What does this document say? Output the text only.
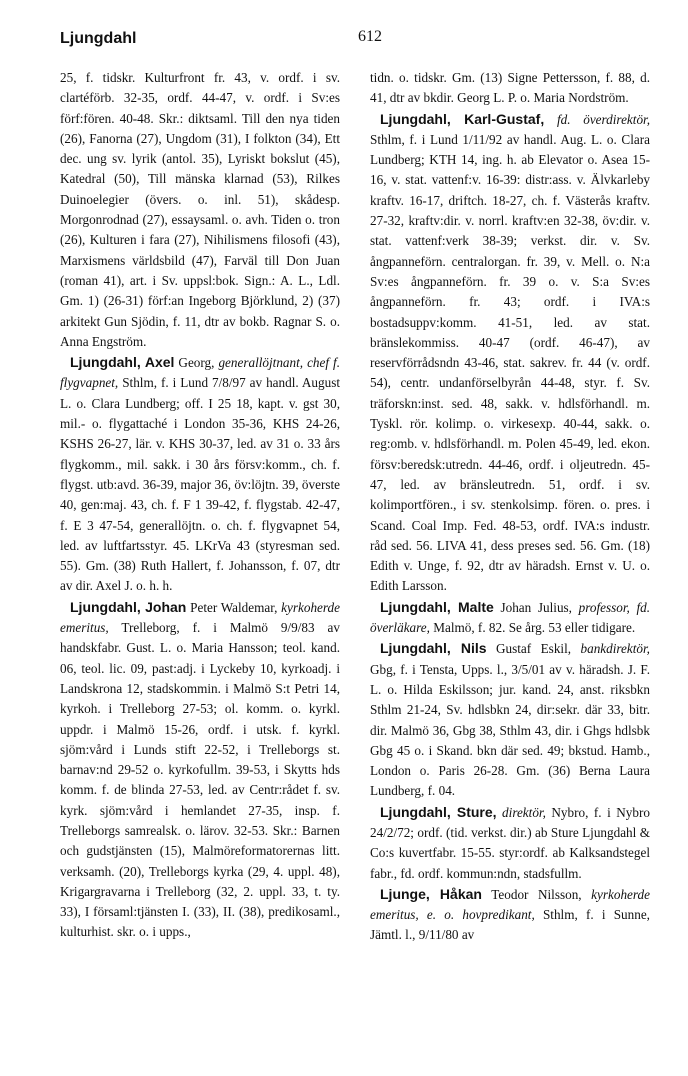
Ljungdahl	612

25, f. tidskr. Kulturfront fr. 43, v. ordf. i sv. clartéförb. 32-35, ordf. 44-47, v. ordf. i Sv:es förf:fören. 40-48. Skr.: diktsaml. Till den nya tiden (26), Fanorna (27), Ungdom (31), I folkton (34), Ett dec. ung sv. lyrik (antol. 35), Lyriskt bokslut (45), Katedral (50), Till mänska klarnad (53), Rilkes Duinoelegier (övers. o. inl. 51), skådesp. Morgonrodnad (27), essaysaml. o. avh. Tiden o. tron (26), Kulturen i fara (27), Nihilismens filosofi (43), Marxismens världsbild (47), Farväl till Don Juan (roman 41), art. i Sv. uppsl:bok. Sign.: A. L., Ldl. Gm. 1) (26-31) förf:an Ingeborg Björklund, 2) (37) arkitekt Gun Sjödin, f. 11, dtr av bokb. Ragnar S. o. Anna Engström.

Ljungdahl, Axel Georg, generallöjtnant, chef f. flygvapnet, Sthlm, f. i Lund 7/8/97 av handl. August L. o. Clara Lundberg; off. I 25 18, kapt. v. gst 30, mil.- o. flygattaché i London 35-36, KHS 24-26, KSHS 26-27, lär. v. KHS 30-37, led. av 31 o. 33 års flygkomm., mil. sakk. i 30 års försv:komm., ch. f. flygst. utb:avd. 36-39, major 36, öv:löjtn. 39, överste 40, gen:maj. 43, ch. f. F 1 39-42, f. flygstab. 42-47, f. E 3 47-54, generallöjtn. o. ch. f. flygvapnet 54, led. av luftfartsstyr. 45. LKrVa 43 (styresman sed. 55). Gm. (38) Ruth Hallert, f. Johansson, f. 07, dtr av dir. Axel J. o. h. h.

Ljungdahl, Johan Peter Waldemar, kyrkoherde emeritus, Trelleborg, f. i Malmö 9/9/83 av handskfabr. Gust. L. o. Maria Hansson; teol. kand. 06, teol. lic. 09, past:adj. i Lyckeby 10, kyrkoadj. i Landskrona 12, stadskommin. i Malmö S:t Petri 14, kyrkoh. i Trelleborg 27-53; ol. komm. o. kyrkl. uppdr. i Malmö 15-26, ordf. i utsk. f. kyrkl. sjöm:vård i Lunds stift 22-52, i Trelleborgs st. barnav:nd 29-52 o. kyrkofullm. 39-53, i Skytts hds komm. f. de blinda 27-53, led. av Centr:rådet f. sv. kyrk. sjöm:vård i hemlandet 27-35, insp. f. Trelleborgs samrealsk. o. lärov. 32-53. Skr.: Barnen och gudstjänsten (15), Malmöreformatorernas litt. verksamh. (20), Trelleborgs kyrka (29, 4. uppl. 48), Krigargravarna i Trelleborg (32, 2. uppl. 33, t. ty. 33), I församl:tjänsten I. (33), II. (38), predikosaml., kulturhist. skr. o. i upps.,

tidn. o. tidskr. Gm. (13) Signe Pettersson, f. 88, d. 41, dtr av bkdir. Georg L. P. o. Maria Nordström.

Ljungdahl, Karl-Gustaf, fd. överdirektör, Sthlm, f. i Lund 1/11/92 av handl. Aug. L. o. Clara Lundberg; KTH 14, ing. h. ab Elevator o. Asea 15-16, v. stat. vattenf:v. 16-39: distr:ass. v. Älvkarleby kraftv. 16-17, driftch. 18-27, ch. f. Västerås kraftv. 27-32, kraftv:dir. v. norrl. kraftv:en 32-38, öv:dir. v. stat. vattenf:verk 38-39; verkst. dir. v. Sv. ångpanneförn. centralorgan. fr. 39, v. Mell. o. N:a Sv:es ångpanneförn. fr. 39 o. v. S:a Sv:es ångpanneförn. fr. 43; ordf. i IVA:s bostadsuppv:komm. 41-51, led. av stat. bränslekommiss. 40-47 (ordf. 46-47), av reservförrådsndn 43-46, stat. sakrev. fr. 44 (v. ordf. 54), centr. undanförselbyrån 44-48, styr. f. Sv. träforskn:inst. sed. 48, sakk. v. hdlsförhandl. m. Tyskl. rör. kolimp. o. virkesexp. 40-44, sakk. o. reg:omb. v. hdlsförhandl. m. Polen 45-49, led. ekon. försv:beredsk:utredn. 44-46, ordf. i oljeutredn. 45-47, led. av bränsleutredn. 51, ordf. i sv. kolimportfören., i sv. stenkolsimp. fören. o. pres. i Scand. Coal Imp. Fed. 48-53, ordf. IVA:s industr. råd sed. 56. LIVA 41, dess preses sed. 56. Gm. (18) Edith v. Unge, f. 92, dtr av häradsh. Ernst v. U. o. Edith Larsson.

Ljungdahl, Malte Johan Julius, professor, fd. överläkare, Malmö, f. 82. Se årg. 53 eller tidigare.

Ljungdahl, Nils Gustaf Eskil, bankdirektör, Gbg, f. i Tensta, Upps. l., 3/5/01 av v. häradsh. J. F. L. o. Hilda Eskilsson; jur. kand. 24, anst. riksbkn Sthlm 21-24, Sv. hdlsbkn 24, dir:sekr. där 33, bitr. dir. Malmö 36, Gbg 38, Sthlm 43, dir. i Ghgs hdlsbk Gbg 45 o. i Skand. bkn där sed. 49; bkstud. Hamb., London o. Paris 26-28. Gm. (36) Berna Laura Lundberg, f. 04.

Ljungdahl, Sture, direktör, Nybro, f. i Nybro 24/2/72; ordf. (tid. verkst. dir.) ab Sture Ljungdahl & Co:s kuvertfabr. 15-55. styr:ordf. ab Kalksandstegel fabr., fd. ordf. kommun:ndn, stadsfullm.

Ljunge, Håkan Teodor Nilsson, kyrkoherde emeritus, e. o. hovpredikant, Sthlm, f. i Sunne, Jämtl. l., 9/11/80 av
